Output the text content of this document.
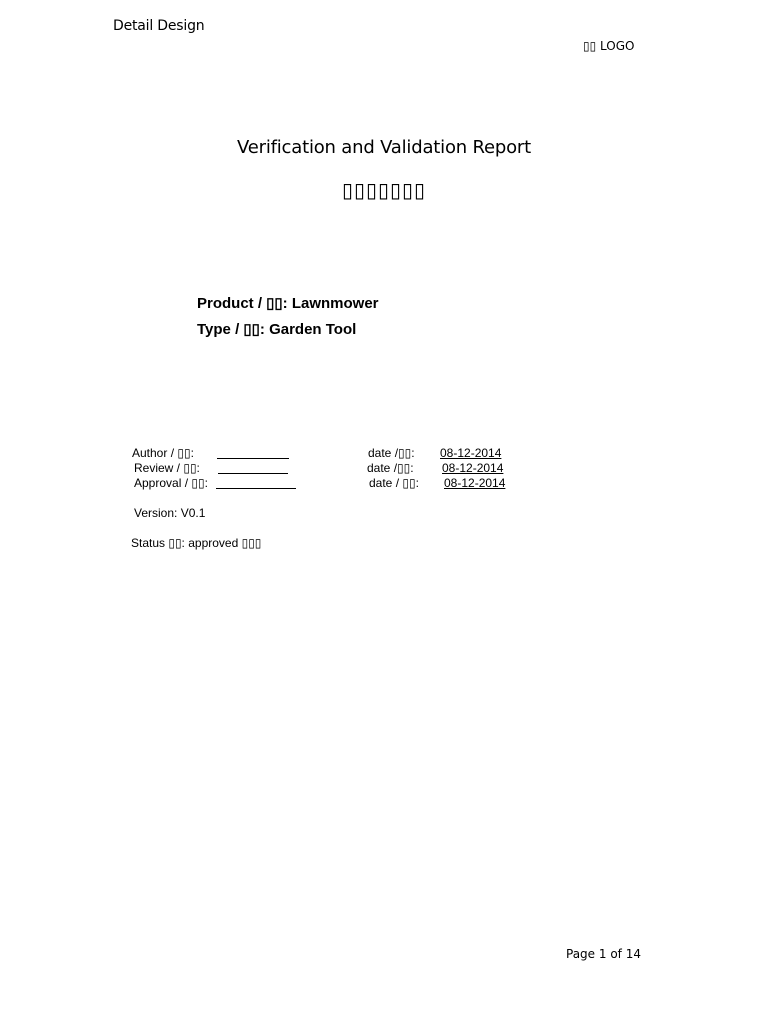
Detail Design
▯▯ LOGO
Verification and Validation Report
▯▯▯▯▯▯▯
Product / ▯▯: Lawnmower
Type / ▯▯: Garden Tool
Author / ▯▯:	date /▯▯:	08-12-2014
Review / ▯▯:	date /▯▯:	08-12-2014
Approval / ▯▯:	date / ▯▯:	08-12-2014
Version: V0.1
Status ▯▯: approved ▯▯▯
Page 1 of 14
